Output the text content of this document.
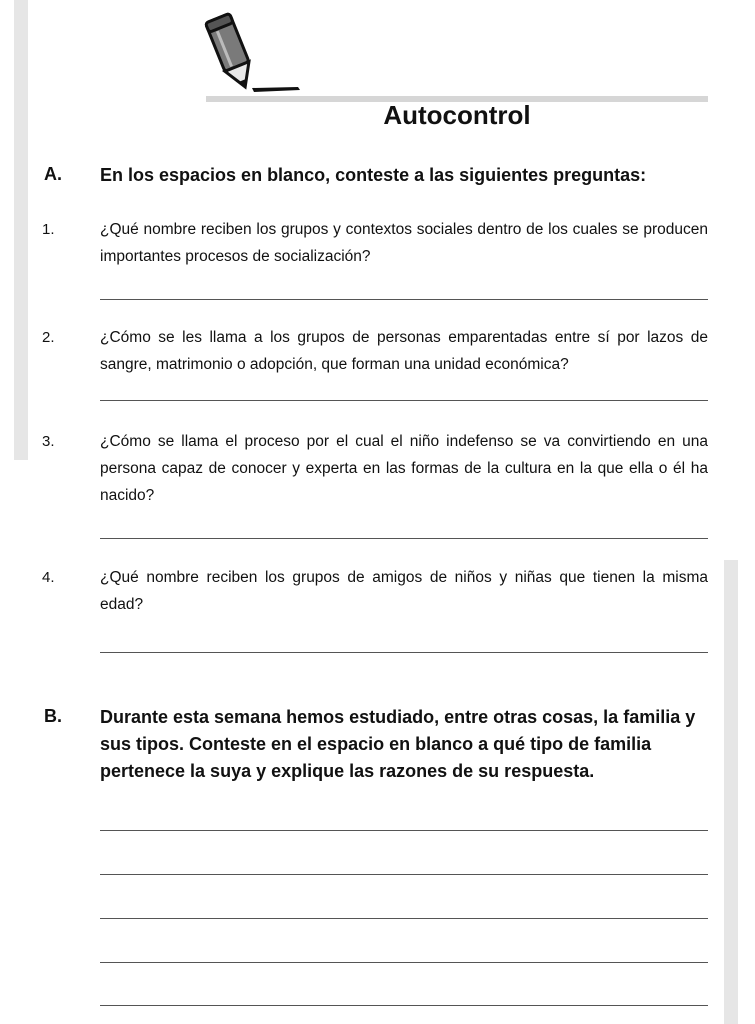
Autocontrol
A. En los espacios en blanco, conteste a las siguientes preguntas:
1.	¿Qué nombre reciben los grupos y contextos sociales dentro de los cuales se producen importantes procesos de socialización?
2.	¿Cómo se les llama a los grupos de personas emparentadas entre sí por lazos de sangre, matrimonio o adopción, que forman una unidad económica?
3.	¿Cómo se llama el proceso por el cual el niño indefenso se va convirtiendo en una persona capaz de conocer y experta en las formas de la cultura en la que ella o él ha nacido?
4.	¿Qué nombre reciben los grupos de amigos de niños y niñas que tienen la misma edad?
B. Durante esta semana hemos estudiado, entre otras cosas, la familia y sus tipos. Conteste en el espacio en blanco a qué tipo de familia pertenece la suya y explique las razones de su respuesta.
